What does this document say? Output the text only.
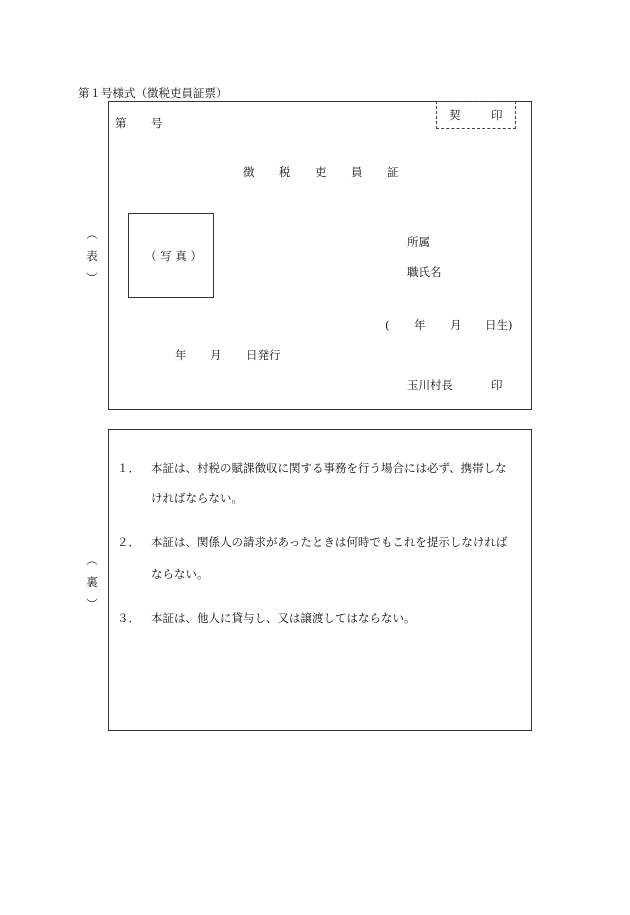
第１号様式（徴税吏員証票）
︵
表
︶
第 号
契	印
徴 税 吏 員 証
（ 写 真 ）
所属
職氏名
( 年 月 日生)
年 月 日発行
玉川村長	印
︵
裏
︶
１． 本証は、村税の賦課徴収に関する事務を行う場合には必ず、携帯しな
ければならない。
２． 本証は、関係人の請求があったときは何時でもこれを提示しなければ
ならない。
３． 本証は、他人に貸与し、又は譲渡してはならない。
